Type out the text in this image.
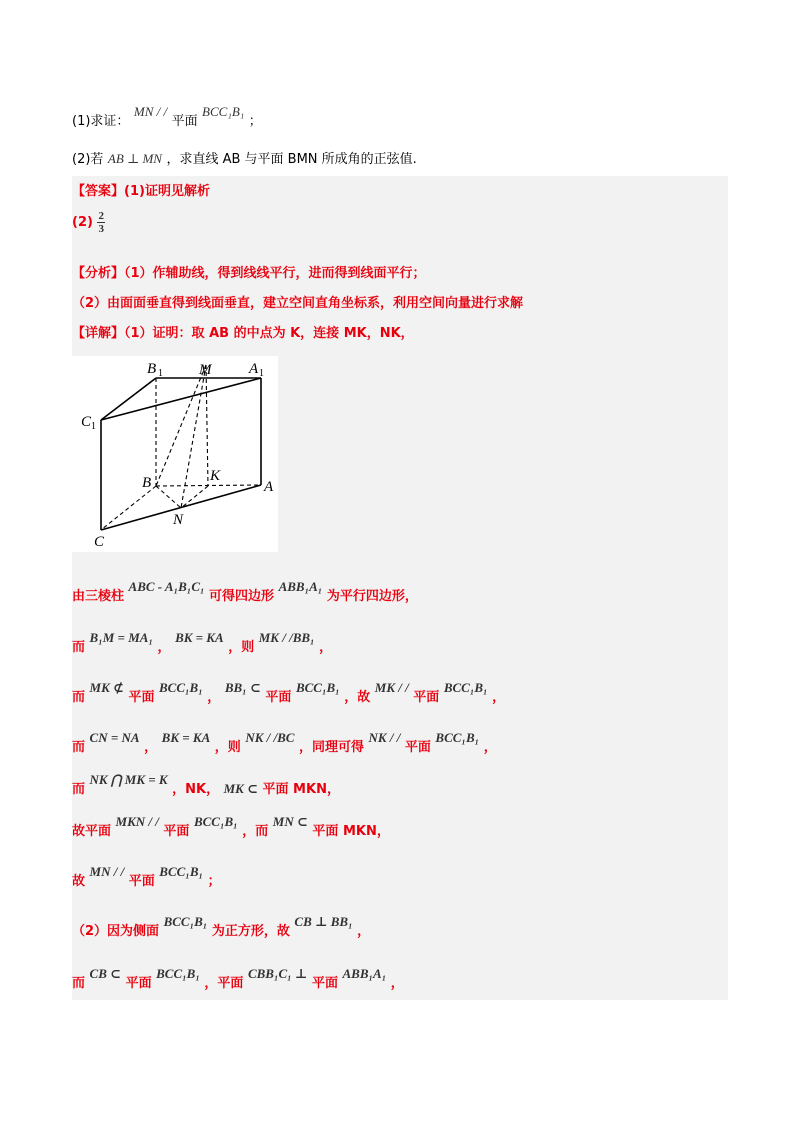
(1)求证： MN / / 平面 BCC₁B₁ ；
(2)若 AB ⊥ MN ，求直线 AB 与平面 BMN 所成角的正弦值.
【答案】(1)证明见解析
$(2) \frac{2}{3}$
【分析】（1）作辅助线，得到线线平行，进而得到线面平行；
（2）由面面垂直得到线面垂直，建立空间直角坐标系，利用空间向量进行求解
【详解】（1）证明：取 AB 的中点为 K，连接 MK，NK，
B 1 M	A 1
C 1
B	K
A
N
C
由三棱柱 ABC - A₁B₁C₁ 可得四边形 ABB₁A₁ 为平行四边形，
而 B₁M = MA₁ ， BK = KA ，则 MK / /BB₁ ，
而 MK ⊄ 平面 BCC₁B₁ ， BB₁ ⊂ 平面 BCC₁B₁ ，故 MK / / 平面 BCC₁B₁ ，
而 CN = NA ， BK = KA ，则 NK / /BC ，同理可得 NK / / 平面 BCC₁B₁ ，
而 NK ⋂ MK = K ，NK， MK ⊂ 平面 MKN，
故平面 MKN / / 平面 BCC₁B₁ ，而 MN ⊂ 平面 MKN，
故 MN / / 平面 BCC₁B₁ ；
（2）因为侧面 BCC₁B₁ 为正方形，故 CB ⊥ BB₁ ，
而 CB ⊂ 平面 BCC₁B₁ ，平面 CBB₁C₁ ⊥ 平面 ABB₁A₁ ，
